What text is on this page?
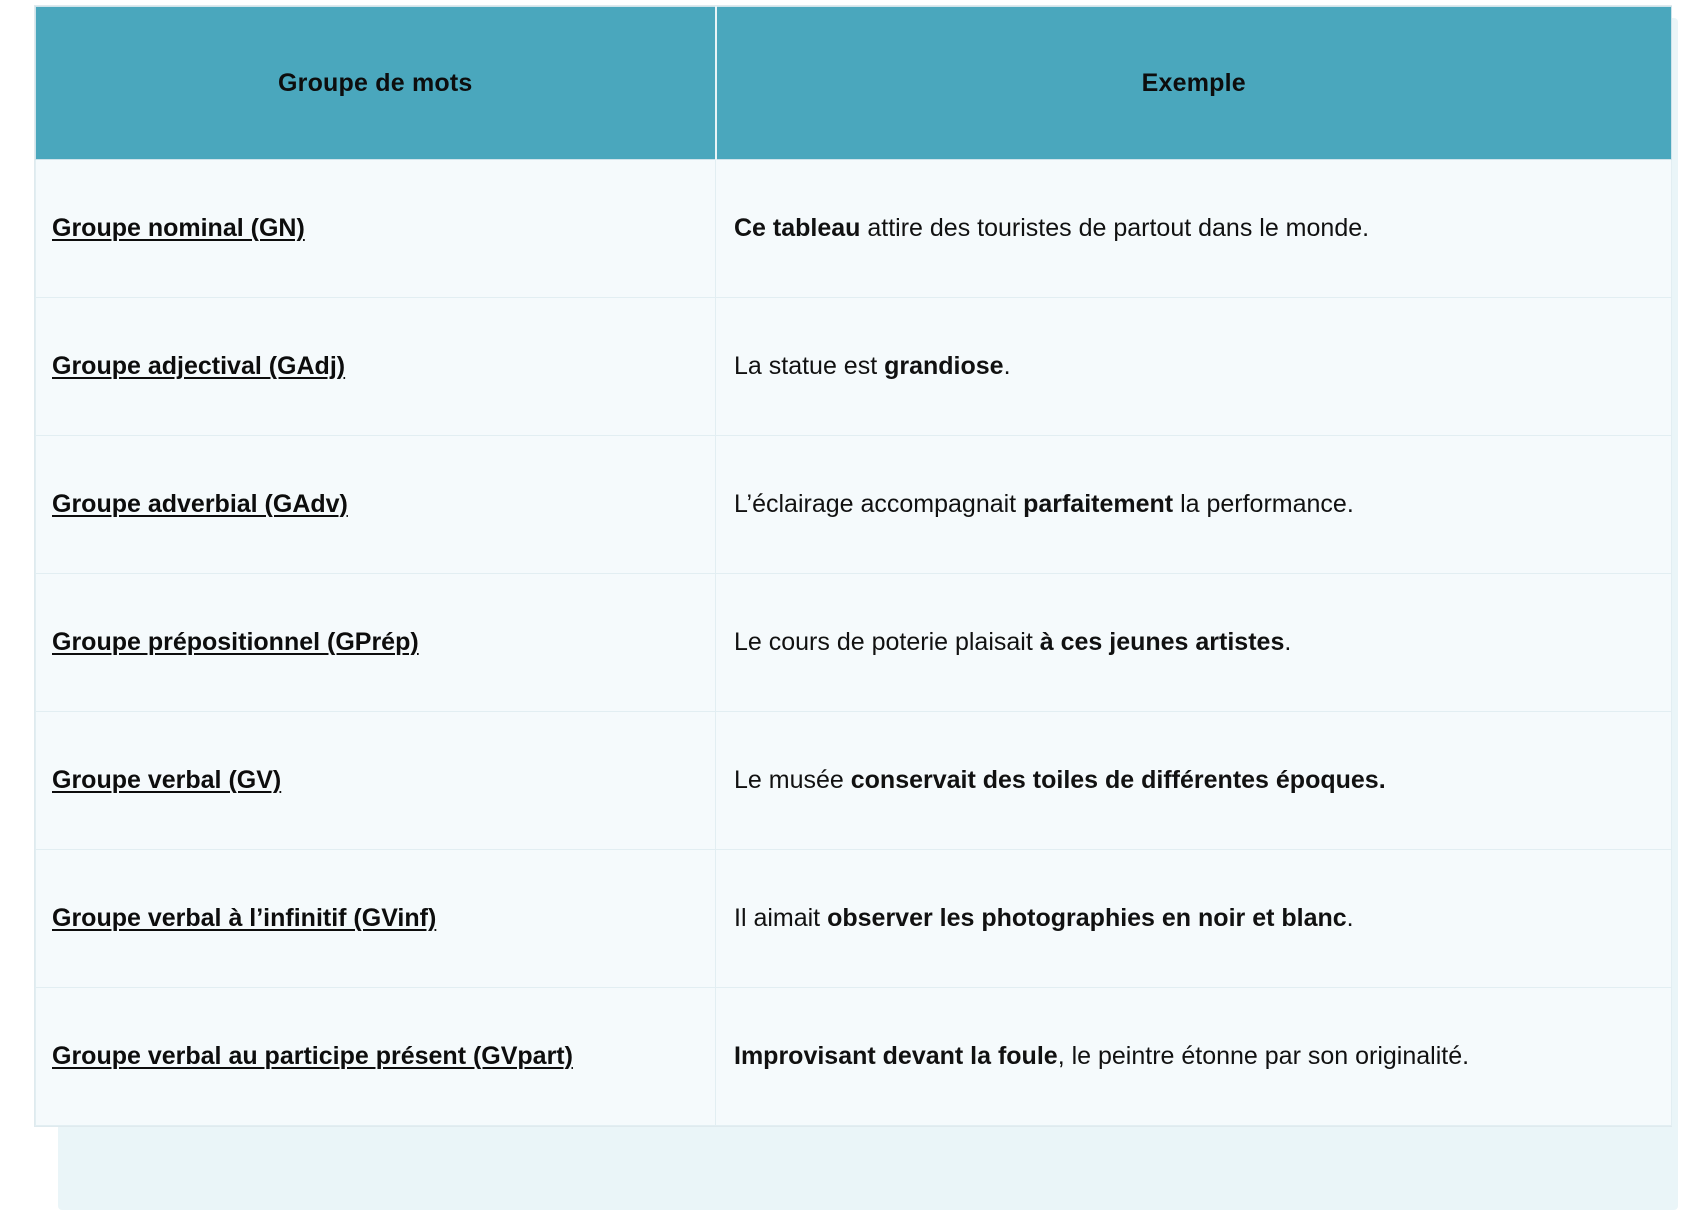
Groupe de mots	Exemple
Groupe nominal (GN)	Ce tableau attire des touristes de partout dans le monde.
Groupe adjectival (GAdj)	La statue est grandiose.
Groupe adverbial (GAdv)	L’éclairage accompagnait parfaitement la performance.
Groupe prépositionnel (GPrép)	Le cours de poterie plaisait à ces jeunes artistes.
Groupe verbal (GV)	Le musée conservait des toiles de différentes époques.
Groupe verbal à l’infinitif (GVinf)	Il aimait observer les photographies en noir et blanc.
Groupe verbal au participe présent (GVpart)	Improvisant devant la foule, le peintre étonne par son originalité.
